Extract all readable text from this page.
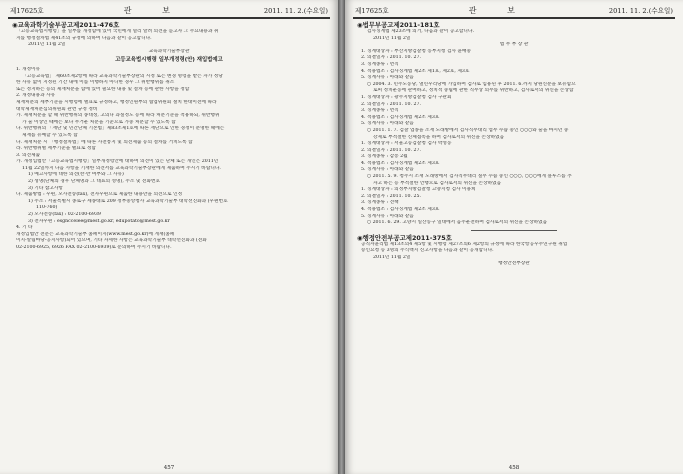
제17625호	관 보	2011. 11. 2.(수요일)
◉교육과학기술부공고제2011-476호
「고등교육법시행령」을 일부를 개정함에 있어 국민에게 널리 알려 의견을 듣고자 그 주요내용과 취
지를 행정절차법 제41조의 규정에 의하여 다음과 같이 공고합니다.
2011년 11월 2일
교육과학기술부장관
고등교육법시행령 일부개정령(안) 재입법예고
1. 개정이유
「고등교육법」 제60조제2항에 따라 교육과학기술부장관의 시정 또는 변경 명령을 받은 자가 정당
한 사유 없이 지정된 기간 내에 이를 이행하지 아니한 경우 그 위반행위를 취소
또는 정지하는 등의 제재처분을 함에 있어 필요한 내용 및 절차 등에 관한 사항을 정함
2. 개정내용과 사유
제재처분의 세부기준을 시행령에 별표로 규정하고, 행정인원부의 협업위원회 설치 한대이전에 따라
대학제재처분심의위원회 관련 규정 정비
가. 제재처분을 할 때 위반행위의 종대성, 고의나 과실정도 등에 따라 처분기준을 적용하되, 위반행위
가 둘 이상인 때에는 보다 무거운 처분을 기준으로 가중 처분할 수 있도록 함
나. 위반행위의 「재단 및 민간단체 기본법」제83조제1호에 따른 재단으로 인한 경정이 분명한 때에는
제재를 유예할 수 있도록 함
다. 제재처분 시 「행정절차법」에 따른 사전통지 및 의견제출 등의 절차를 거치도록 함
라. 위반행위별 세부기준을 별표로 정함
3. 의견제출
가. 개정입법안「고등교육법시행령」일부개정령안에 대하여 의견이 있는 단체 또는 개인은 2011년
11월 22일까지 다음 사항을 기재한 의견서를 교육과학기술부장관에게 제출하여 주시기 바랍니다.
1) 예고사항에 대한 의견(찬·반 여부와 그 사유)
2) 성명(단체의 경우 단체명과 그 대표의 성명), 주소 및 전화번호
3) 기타 참고사항
나. 제출방법 : 우편, 모사전송(fax), 전자우편으로 제출한 내용만을 의견으로 인정
1) 주소 : 서울특별시 종로구 세종대로 209 정부중앙청사 교육과학기술부 대학선진화과 (우편번호
110-760)
2) 모사전송(fax) : 02-2100-6939
3) 전자우편 : esgnccelee@mest.go.kr, edupotato@mest.go.kr
4. 기 타
개정입법안 전문은 교육과학기술부 홈페이지(www.mest.go.kr)에 게재(홈페
이지-알림마당-공지사항)되어 있으며, 기타 자세한 사항은 교육과학기술부 대학선진화과 (전화
02-2100-6925, 6926 FAX 02-2100-6939)로 문의하여 주시기 바랍니다.
457
제17625호	관 보	2011. 11. 2.(수요일)
◉법무부공고제2011-181호
검사징계법 제23조에 의거, 다음과 같이 공고합니다.
2011년 11월 2일
법 무 부 장 관
1. 징계대상자 : 부산지방검찰청 동부지청 검사 윤배중
2. 의결일자 : 2011. 10. 27.
3. 징계종류 : 면직
4. 적용법조 : 검사징계법 제2조 제1호, 제2호, 제3호
5. 징계사유 : 아래와 같음
○ 2004. 3. 민주노동당, 열린우리당에 가입하여 검사로 임용된 후 2011. 6.까지 당원신분을 보유함으
로써 정치운동에 관여하고, 정치적 중립에 관한 직무상 의무를 위반하고, 검사로서의 위신을 손상함
1. 징계대상자 : 광주지방검찰청 검사 구관회
2. 의결일자 : 2011. 10. 27.
3. 징계종류 : 면직
4. 적용법조 : 검사징계법 제2조 제3호
5. 징계사유 : 아래와 같음
○ 2011. 1. 7. 검찰 업종을 소재 노래방에서 검사직무대리 업무 수습 중인 ○○○와 술을 마시던 중
강제로 부적절한 신체접촉을 하여 검사로서의 위신을 손상하였음
1. 징계대상자 : 서울고등검찰청 검사 박성동
2. 의결일자 : 2011. 10. 27.
3. 징계종류 : 감봉 2월
4. 적용법조 : 검사징계법 제2조 제3호
5. 징계사유 : 아래와 같음
○ 2011. 5. 9. 청주시 소재 노래방에서 검사직무대리 실무 수습 중인 ○○○, ○○○에게 블루스를 추
자고 하는 등 부적절한 언행으로 검사로서의 위신을 손상하였음
1. 징계대상자 : 의정부지방검찰청 고양지청 검사 이용희
2. 의결일자 : 2011. 10. 25.
3. 징계종류 : 견책
4. 적용법조 : 검사징계법 제2조 제3호
5. 징계사유 : 아래와 같음
○ 2011. 6. 29. 고양시 일산동구 일대에서 음주운전하여 검사로서의 위신을 손상하였음
◉행정안전부공고제2011-375호
공직자윤리법 제13조의4 제5항 및 시행령 제27조의6 제2항의 규정에 따라 한국항공우주연구원 취업
승인요청 등 3명의 주식백지 신고사항을 다음과 같이 공개합니다.
2011년 11월 2일
행정안전부장관
458
